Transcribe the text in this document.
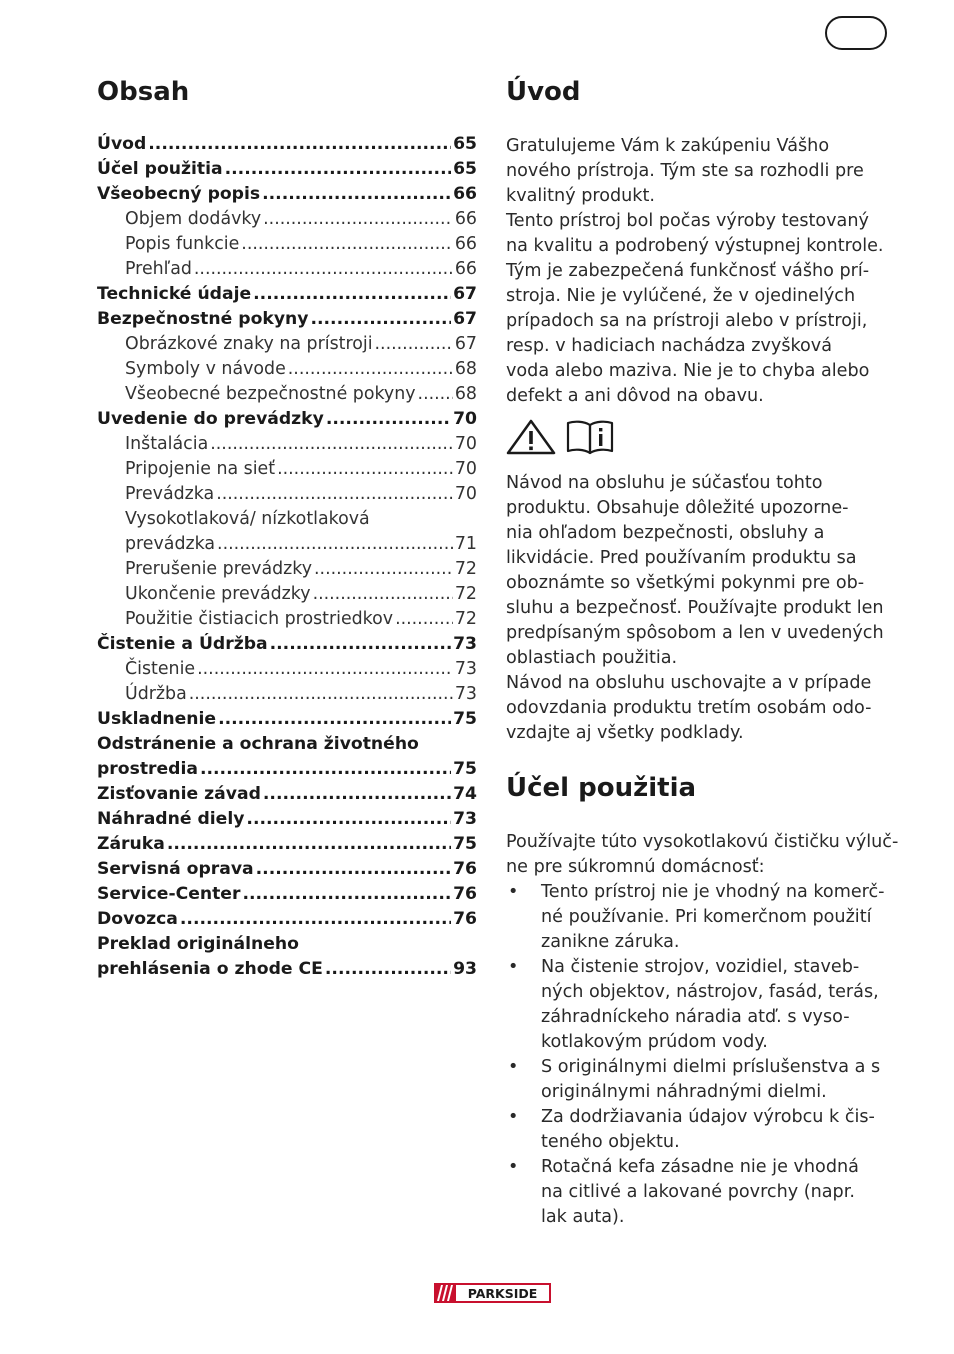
Obsah
Úvod .....	65
Účel použitia .....	65
Všeobecný popis .....	66
Objem dodávky .....	66
Popis funkcie .....	66
Prehľad .....	66
Technické údaje .....	67
Bezpečnostné pokyny .....	67
Obrázkové znaky na prístroji .....	67
Symboly v návode .....	68
Všeobecné bezpečnostné pokyny ..... 68
Uvedenie do prevádzky .....	70
Inštalácia .....	70
Pripojenie na sieť .....	70
Prevádzka .....	70
Vysokotlaková/ nízkotlaková
prevádzka .....	71
Prerušenie prevádzky .....	72
Ukončenie prevádzky .....	72
Použitie čistiacich prostriedkov .....	72
Čistenie a Údržba .....	73
Čistenie .....	73
Údržba .....	73
Uskladnenie .....	75
Odstránenie a ochrana životného
prostredia .....	75
Zisťovanie závad .....	74
Náhradné diely .....	73
Záruka .....	75
Servisná oprava .....	76
Service-Center .....	76
Dovozca .....	76
Preklad originálneho
prehlásenia o zhode CE .....	93
Úvod

Gratulujeme Vám k zakúpeniu Vášho

nového prístroja. Tým ste sa rozhodli pre

kvalitný produkt.

Tento prístroj bol počas výroby testovaný

na kvalitu a podrobený výstupnej kontrole.

Tým je zabezpečená funkčnosť vášho prí-

stroja. Nie je vylúčené, že v ojedinelých

prípadoch sa na prístroji alebo v prístroji,

resp. v hadiciach nachádza zvyšková

voda alebo maziva. Nie je to chyba alebo

defekt a ani dôvod na obavu.

Návod na obsluhu je súčasťou tohto

produktu. Obsahuje dôležité upozorne-

nia ohľadom bezpečnosti, obsluhy a

likvidácie. Pred používaním produktu sa

oboznámte so všetkými pokynmi pre ob-

sluhu a bezpečnosť. Používajte produkt len

predpísaným spôsobom a len v uvedených

oblastiach použitia.

Návod na obsluhu uschovajte a v prípade

odovzdania produktu tretím osobám odo-

vzdajte aj všetky podklady.

Účel použitia

Používajte túto vysokotlakovú čističku výluč-

ne pre súkromnú domácnosť:

• Tento prístroj nie je vhodný na komerč-
né používanie. Pri komerčnom použití
zanikne záruka.
• Na čistenie strojov, vozidiel, staveb-
ných objektov, nástrojov, fasád, terás,
záhradníckeho náradia atď. s vyso-
kotlakovým prúdom vody.
• S originálnymi dielmi príslušenstva a s
originálnymi náhradnými dielmi.
• Za dodržiavania údajov výrobcu k čis-
teného objektu.
• Rotačná kefa zásadne nie je vhodná
na citlivé a lakované povrchy (napr.
lak auta).
PARKSIDE
